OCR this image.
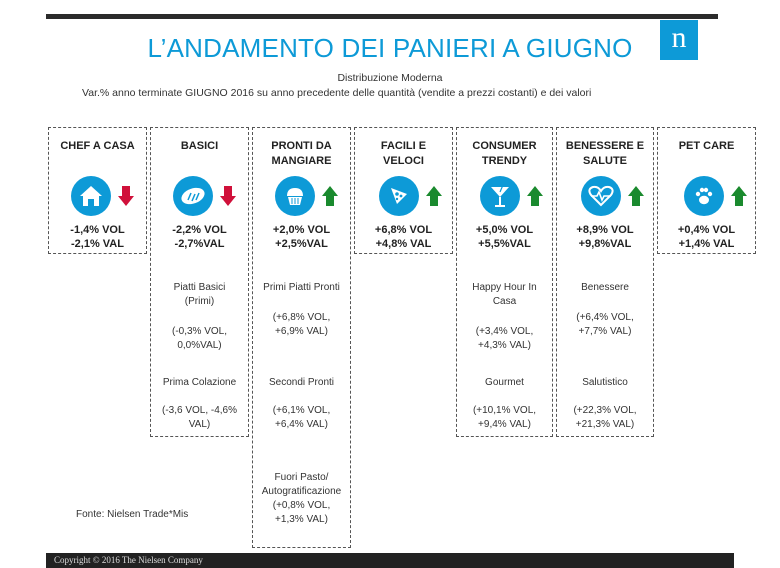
n
L’ANDAMENTO DEI PANIERI A GIUGNO
Distribuzione Moderna
Var.% anno terminate GIUGNO 2016 su anno precedente delle quantità (vendite a prezzi costanti) e dei valori
CHEF A CASA
-1,4% VOL
-2,1% VAL
BASICI
-2,2% VOL
-2,7%VAL
Piatti Basici (Primi)
(-0,3% VOL,
0,0%VAL)
Prima Colazione
(-3,6 VOL, -4,6%
VAL)
PRONTI DA MANGIARE
+2,0% VOL
+2,5%VAL
Primi Piatti Pronti
(+6,8% VOL,
+6,9% VAL)
Secondi Pronti
(+6,1% VOL,
+6,4% VAL)
Fuori Pasto/ Autogratificazione
(+0,8% VOL,
+1,3% VAL)
FACILI E VELOCI
+6,8% VOL
+4,8% VAL
CONSUMER TRENDY
+5,0% VOL
+5,5%VAL
Happy Hour In Casa
(+3,4% VOL,
+4,3% VAL)
Gourmet
(+10,1% VOL,
+9,4% VAL)
BENESSERE E SALUTE
+8,9% VOL
+9,8%VAL
Benessere
(+6,4% VOL,
+7,7% VAL)
Salutistico
(+22,3% VOL,
+21,3% VAL)
PET CARE
+0,4% VOL
+1,4% VAL
Fonte: Nielsen Trade*Mis
Copyright © 2016 The Nielsen Company
